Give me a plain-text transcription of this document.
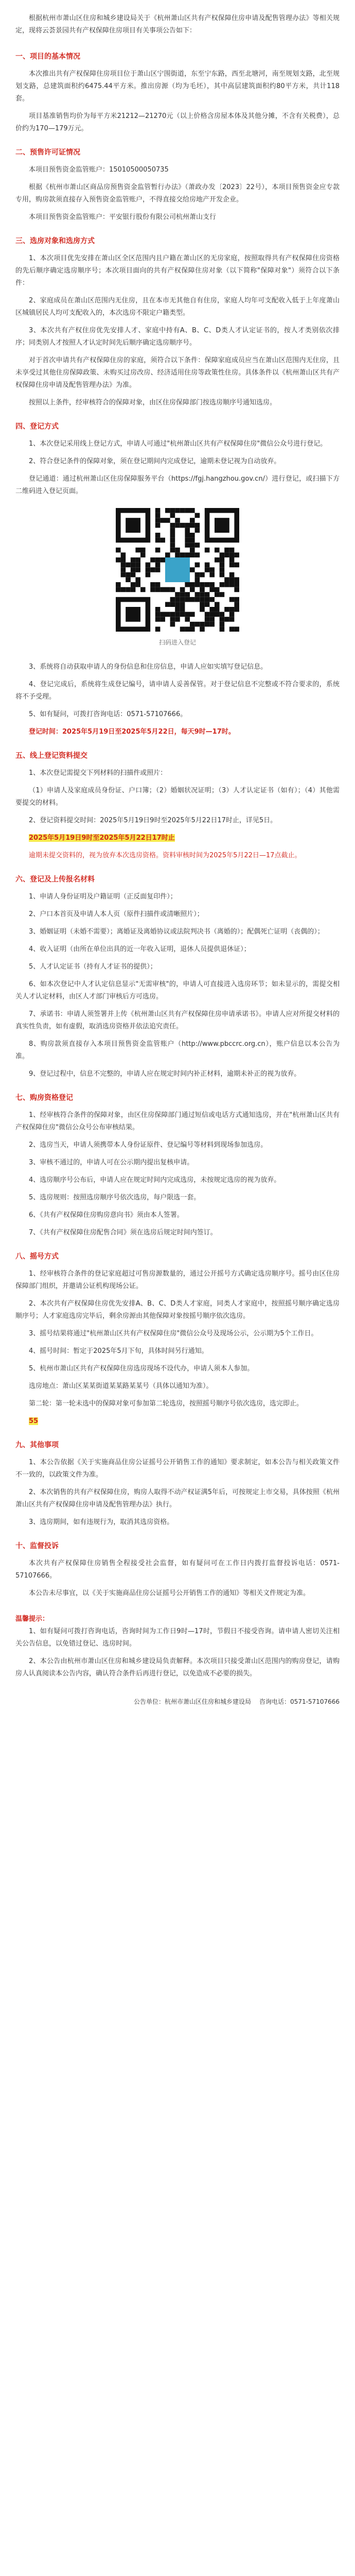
根据杭州市萧山区住房和城乡建设局关于《杭州萧山区共有产权保障住房申请及配售管理办法》等相关规定，现将云荟景园共有产权保障住房项目有关事项公告如下：

一、项目的基本情况

本次推出共有产权保障住房项目位于萧山区宁围街道，东至宁东路，西至北塘河，南至规划支路，北至规划支路，总建筑面积约6475.44平方米。推出房源（均为毛坯），其中高层建筑面积约80平方米，共计118套。

项目基准销售均价为每平方米21212—21270元（以上价格含房屋本体及其他分摊，不含有关税费），总价约为170—179万元。

二、预售许可证情况

本项目预售资金监管账户：15010500050735

根据《杭州市萧山区商品房预售资金监管暂行办法》（萧政办发〔2023〕22号），本项目预售资金应专款专用，购房款须直接存入预售资金监管账户，不得直接交给房地产开发企业。

本项目预售资金监管账户：平安银行股份有限公司杭州萧山支行

三、选房对象和选房方式

1、本次项目优先安排在萧山区全区范围内且户籍在萧山区的无房家庭，按照取得共有产权保障住房资格的先后顺序确定选房顺序号；本次项目面向的共有产权保障住房对象（以下简称"保障对象"）须符合以下条件：

2、家庭成员在萧山区范围内无住房，且在本市无其他自有住房，家庭人均年可支配收入低于上年度萧山区城镇居民人均可支配收入的，本次选房不限定户籍类型。

3、本次共有产权住房优先安排人才、家庭中持有A、B、C、D类人才认定证书的，按人才类别依次排序；同类别人才按照人才认定时间先后顺序确定选房顺序号。

对于首次申请共有产权保障住房的家庭，须符合以下条件：保障家庭成员应当在萧山区范围内无住房，且未享受过其他住房保障政策、未购买过房改房、经济适用住房等政策性住房。具体条件以《杭州萧山区共有产权保障住房申请及配售管理办法》为准。

按照以上条件，经审核符合的保障对象，由区住房保障部门按选房顺序号通知选房。

四、登记方式

1、本次登记采用线上登记方式，申请人可通过"杭州萧山区共有产权保障住房"微信公众号进行登记。

2、符合登记条件的保障对象，须在登记期间内完成登记，逾期未登记视为自动放弃。

登记通道：通过杭州萧山区住房保障服务平台（https://fgj.hangzhou.gov.cn/）进行登记，或扫描下方二维码进入登记页面。

扫码进入登记

3、系统将自动获取申请人的身份信息和住房信息，申请人应如实填写登记信息。

4、登记完成后，系统将生成登记编号，请申请人妥善保管。对于登记信息不完整或不符合要求的，系统将不予受理。

5、如有疑问，可拨打咨询电话：0571-57107666。

登记时间：2025年5月19日至2025年5月22日，每天9时—17时。

五、线上登记资料提交

1、本次登记需提交下列材料的扫描件或照片：

（1）申请人及家庭成员身份证、户口簿；（2）婚姻状况证明；（3）人才认定证书（如有）；（4）其他需要提交的材料。

2、登记资料提交时间：2025年5月19日9时至2025年5月22日17时止，详见5日。

2025年5月19日9时至2025年5月22日17时止

逾期未提交资料的，视为放弃本次选房资格。资料审核时间为2025年5月22日—17点截止。

六、登记及上传报名材料

1、申请人身份证明及户籍证明（正反面复印件）；

2、户口本首页及申请人本人页（原件扫描件或清晰照片）；

3、婚姻证明（未婚不需要）；离婚证及离婚协议或法院判决书（离婚的）；配偶死亡证明（丧偶的）；

4、收入证明（由所在单位出具的近一年收入证明，退休人员提供退休证）；

5、人才认定证书（持有人才证书的提供）；

6、如本次登记中人才认定信息显示"无需审核"的，申请人可直接进入选房环节；如未显示的，需提交相关人才认定材料，由区人才部门审核后方可选房。

7、承诺书：申请人须签署并上传《杭州萧山区共有产权保障住房申请承诺书》。申请人应对所提交材料的真实性负责，如有虚假，取消选房资格并依法追究责任。

8、购房款须直接存入本项目预售资金监管账户（http://www.pbccrc.org.cn），账户信息以本公告为准。

9、登记过程中，信息不完整的，申请人应在规定时间内补正材料，逾期未补正的视为放弃。

七、购房资格登记

1、经审核符合条件的保障对象，由区住房保障部门通过短信或电话方式通知选房，并在"杭州萧山区共有产权保障住房"微信公众号公布审核结果。

2、选房当天，申请人须携带本人身份证原件、登记编号等材料到现场参加选房。

3、审核不通过的，申请人可在公示期内提出复核申请。

4、选房顺序号公布后，申请人应在规定时间内完成选房，未按规定选房的视为放弃。

5、选房规则：按照选房顺序号依次选房，每户限选一套。

6、《共有产权保障住房购房意向书》须由本人签署。

7、《共有产权保障住房配售合同》须在选房后规定时间内签订。

八、摇号方式

1、经审核符合条件的登记家庭超过可售房源数量的，通过公开摇号方式确定选房顺序号。摇号由区住房保障部门组织，并邀请公证机构现场公证。

2、本次共有产权保障住房优先安排A、B、C、D类人才家庭，同类人才家庭中，按照摇号顺序确定选房顺序号；人才家庭选房完毕后，剩余房源由其他保障对象按摇号顺序依次选房。

3、摇号结果将通过"杭州萧山区共有产权保障住房"微信公众号及现场公示，公示期为5个工作日。

4、摇号时间：暂定于2025年5月下旬，具体时间另行通知。

5、杭州市萧山区共有产权保障住房选房现场不设代办，申请人须本人参加。

选房地点：萧山区某某街道某某路某某号（具体以通知为准）。

第二轮：第一轮未选中的保障对象可参加第二轮选房，按照摇号顺序号依次选房，选完即止。

55

九、其他事项

1、本公告依据《关于实施商品住房公证摇号公开销售工作的通知》要求制定，如本公告与相关政策文件不一致的，以政策文件为准。

2、本次销售的共有产权保障住房，购房人取得不动产权证满5年后，可按规定上市交易，具体按照《杭州萧山区共有产权保障住房申请及配售管理办法》执行。

3、选房期间，如有违规行为，取消其选房资格。

十、监督投诉

本次共有产权保障住房销售全程接受社会监督，如有疑问可在工作日内拨打监督投诉电话：0571-57107666。

本公告未尽事宜，以《关于实施商品住房公证摇号公开销售工作的通知》等相关文件规定为准。

温馨提示：

1、如有疑问可拨打咨询电话，咨询时间为工作日9时—17时，节假日不接受咨询。请申请人密切关注相关公告信息，以免错过登记、选房时间。

2、本公告由杭州市萧山区住房和城乡建设局负责解释。本次项目只接受萧山区范围内的购房登记，请购房人认真阅读本公告内容，确认符合条件后再进行登记，以免造成不必要的损失。

公告单位：杭州市萧山区住房和城乡建设局 咨询电话：0571-57107666
